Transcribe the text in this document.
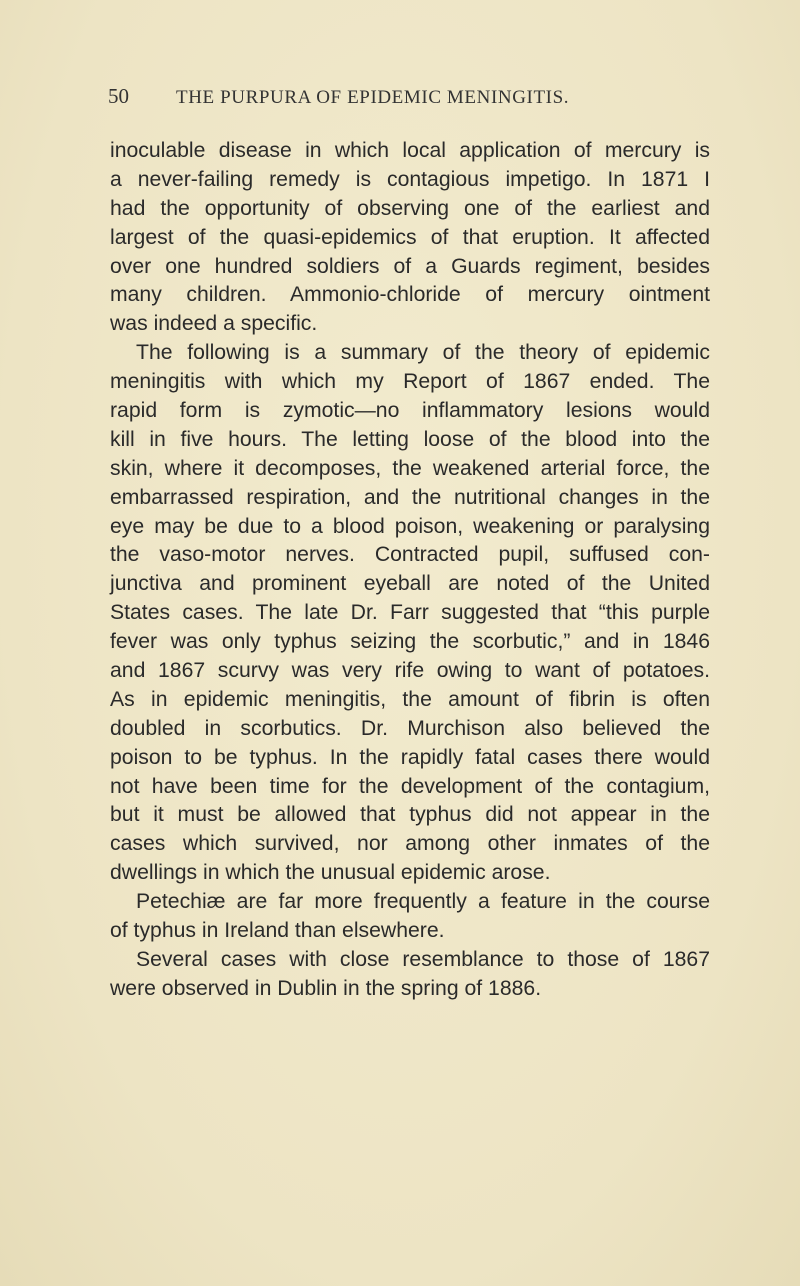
50	THE PURPURA OF EPIDEMIC MENINGITIS.
inoculable disease in which local application of mercury is
a never-failing remedy is contagious impetigo. In 1871 I
had the opportunity of observing one of the earliest and
largest of the quasi-epidemics of that eruption. It affected
over one hundred soldiers of a Guards regiment, besides
many children. Ammonio-chloride of mercury ointment
was indeed a specific.
The following is a summary of the theory of epidemic
meningitis with which my Report of 1867 ended. The
rapid form is zymotic—no inflammatory lesions would
kill in five hours. The letting loose of the blood into the
skin, where it decomposes, the weakened arterial force, the
embarrassed respiration, and the nutritional changes in the
eye may be due to a blood poison, weakening or paralysing
the vaso-motor nerves. Contracted pupil, suffused con-
junctiva and prominent eyeball are noted of the United
States cases. The late Dr. Farr suggested that “this purple
fever was only typhus seizing the scorbutic,” and in 1846
and 1867 scurvy was very rife owing to want of potatoes.
As in epidemic meningitis, the amount of fibrin is often
doubled in scorbutics. Dr. Murchison also believed the
poison to be typhus. In the rapidly fatal cases there would
not have been time for the development of the contagium,
but it must be allowed that typhus did not appear in the
cases which survived, nor among other inmates of the
dwellings in which the unusual epidemic arose.
Petechiæ are far more frequently a feature in the course
of typhus in Ireland than elsewhere.
Several cases with close resemblance to those of 1867
were observed in Dublin in the spring of 1886.
